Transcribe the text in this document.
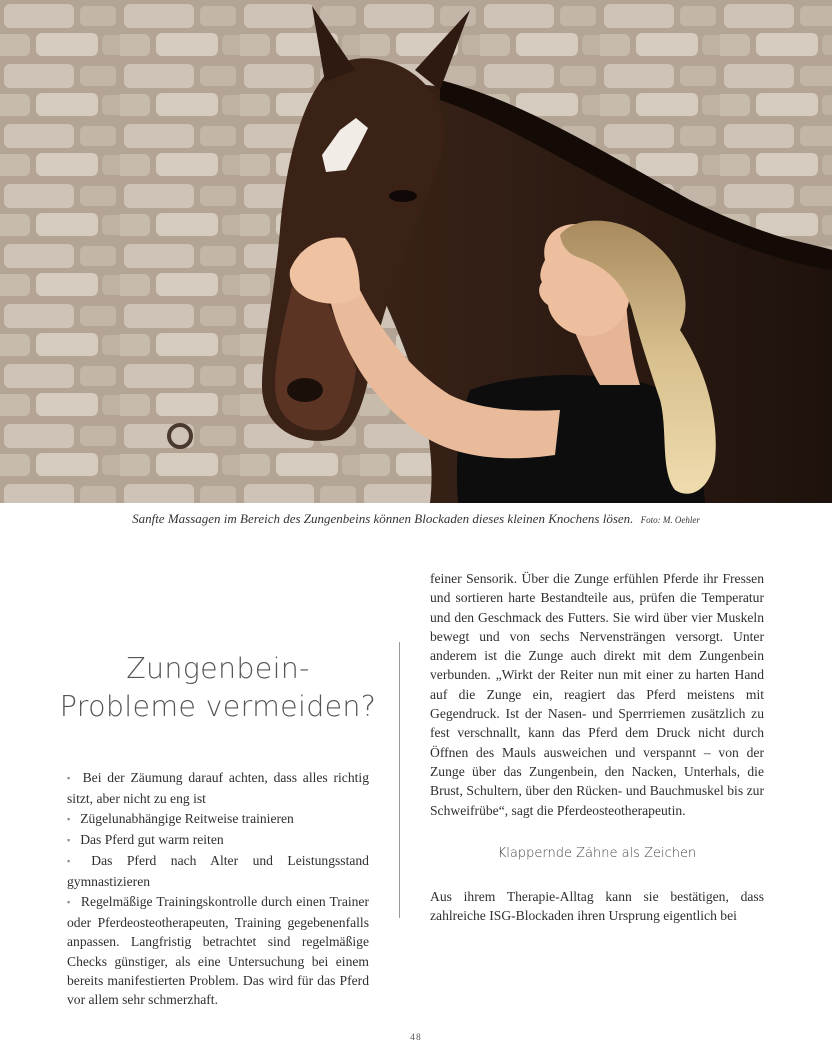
Sanfte Massagen im Bereich des Zungenbeins können Blockaden dieses kleinen Knochens lösen. Foto: M. Oehler
Zungenbein-
Probleme vermeiden?

▪ Bei der Zäumung darauf achten, dass alles richtig sitzt, aber nicht zu eng ist

▪ Zügelunabhängige Reitweise trainieren

▪ Das Pferd gut warm reiten

▪ Das Pferd nach Alter und Leistungsstand gymnastizieren

▪ Regelmäßige Trainingskontrolle durch einen Trainer oder Pferdeosteotherapeuten, Training gegebenenfalls anpassen. Langfristig betrachtet sind regelmäßige Checks günstiger, als eine Untersuchung bei einem bereits manifestierten Problem. Das wird für das Pferd vor allem sehr schmerzhaft.

feiner Sensorik. Über die Zunge erfühlen Pferde ihr Fressen und sortieren harte Bestandteile aus, prüfen die Temperatur und den Geschmack des Futters. Sie wird über vier Muskeln bewegt und von sechs Nervensträngen versorgt. Unter anderem ist die Zunge auch direkt mit dem Zungenbein verbunden. „Wirkt der Reiter nun mit einer zu harten Hand auf die Zunge ein, reagiert das Pferd meistens mit Gegendruck. Ist der Nasen- und Sperrriemen zusätzlich zu fest verschnallt, kann das Pferd dem Druck nicht durch Öffnen des Mauls ausweichen und verspannt – von der Zunge über das Zungenbein, den Nacken, Unterhals, die Brust, Schultern, über den Rücken- und Bauchmuskel bis zur Schweifrübe“, sagt die Pferdeosteotherapeutin.

Klappernde Zähne als Zeichen

Aus ihrem Therapie-Alltag kann sie bestätigen, dass zahlreiche ISG-Blockaden ihren Ursprung eigentlich bei

48
